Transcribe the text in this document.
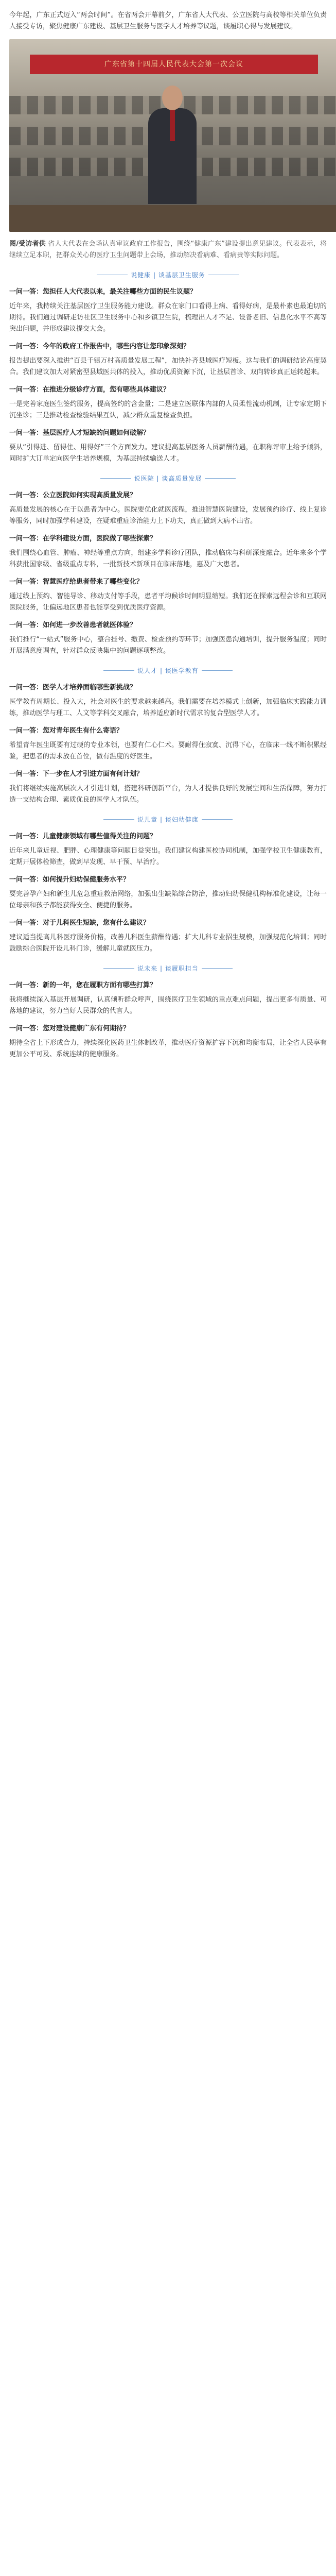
今年起，广东正式迈入“两会时间”。在省两会开幕前夕，广东省人大代表、公立医院与高校等相关单位负责人接受专访，聚焦健康广东建设、基层卫生服务与医学人才培养等议题，谈履职心得与发展建议。

广东省第十四届人民代表大会第一次会议

图/受访者供 省人大代表在会场认真审议政府工作报告，围绕“健康广东”建设提出意见建议。代表表示，将继续立足本职，把群众关心的医疗卫生问题带上会场，推动解决看病难、看病贵等实际问题。

说健康 | 谈基层卫生服务

一问一答：您担任人大代表以来，最关注哪些方面的民生议题？

近年来，我持续关注基层医疗卫生服务能力建设。群众在家门口看得上病、看得好病，是最朴素也最迫切的期待。我们通过调研走访社区卫生服务中心和乡镇卫生院，梳理出人才不足、设备老旧、信息化水平不高等突出问题，并形成建议提交大会。

一问一答：今年的政府工作报告中，哪些内容让您印象深刻？

报告提出要深入推进“百县千镇万村高质量发展工程”，加快补齐县域医疗短板。这与我们的调研结论高度契合。我们建议加大对紧密型县域医共体的投入，推动优质资源下沉，让基层首诊、双向转诊真正运转起来。

一问一答：在推进分级诊疗方面，您有哪些具体建议？

一是完善家庭医生签约服务，提高签约的含金量；二是建立医联体内部的人员柔性流动机制，让专家定期下沉坐诊；三是推动检查检验结果互认，减少群众重复检查负担。

一问一答：基层医疗人才短缺的问题如何破解？

要从“引得进、留得住、用得好”三个方面发力。建议提高基层医务人员薪酬待遇，在职称评审上给予倾斜，同时扩大订单定向医学生培养规模，为基层持续输送人才。

说医院 | 谈高质量发展

一问一答：公立医院如何实现高质量发展？

高质量发展的核心在于以患者为中心。医院要优化就医流程，推进智慧医院建设，发展预约诊疗、线上复诊等服务，同时加强学科建设，在疑难重症诊治能力上下功夫，真正做到大病不出省。

一问一答：在学科建设方面，医院做了哪些探索？

我们围绕心血管、肿瘤、神经等重点方向，组建多学科诊疗团队，推动临床与科研深度融合。近年来多个学科获批国家级、省级重点专科，一批新技术新项目在临床落地，惠及广大患者。

一问一答：智慧医疗给患者带来了哪些变化？

通过线上预约、智能导诊、移动支付等手段，患者平均候诊时间明显缩短。我们还在探索远程会诊和互联网医院服务，让偏远地区患者也能享受到优质医疗资源。

一问一答：如何进一步改善患者就医体验？

我们推行“一站式”服务中心，整合挂号、缴费、检查预约等环节；加强医患沟通培训，提升服务温度；同时开展满意度调查，针对群众反映集中的问题逐项整改。

说人才 | 谈医学教育

一问一答：医学人才培养面临哪些新挑战？

医学教育周期长、投入大，社会对医生的要求越来越高。我们需要在培养模式上创新，加强临床实践能力训练，推动医学与理工、人文等学科交叉融合，培养适应新时代需求的复合型医学人才。

一问一答：您对青年医生有什么寄语？

希望青年医生既要有过硬的专业本领，也要有仁心仁术。要耐得住寂寞、沉得下心，在临床一线不断积累经验，把患者的需求放在首位，做有温度的好医生。

一问一答：下一步在人才引进方面有何计划？

我们将继续实施高层次人才引进计划，搭建科研创新平台，为人才提供良好的发展空间和生活保障，努力打造一支结构合理、素质优良的医学人才队伍。

说儿童 | 谈妇幼健康

一问一答：儿童健康领域有哪些值得关注的问题？

近年来儿童近视、肥胖、心理健康等问题日益突出。我们建议构建医校协同机制，加强学校卫生健康教育，定期开展体检筛查，做到早发现、早干预、早治疗。

一问一答：如何提升妇幼保健服务水平？

要完善孕产妇和新生儿危急重症救治网络，加强出生缺陷综合防治，推动妇幼保健机构标准化建设，让每一位母亲和孩子都能获得安全、便捷的服务。

一问一答：对于儿科医生短缺，您有什么建议？

建议适当提高儿科医疗服务价格，改善儿科医生薪酬待遇；扩大儿科专业招生规模，加强规范化培训；同时鼓励综合医院开设儿科门诊，缓解儿童就医压力。

说未来 | 谈履职担当

一问一答：新的一年，您在履职方面有哪些打算？

我将继续深入基层开展调研，认真倾听群众呼声，围绕医疗卫生领域的重点难点问题，提出更多有质量、可落地的建议，努力当好人民群众的代言人。

一问一答：您对建设健康广东有何期待？

期待全省上下形成合力，持续深化医药卫生体制改革，推动医疗资源扩容下沉和均衡布局，让全省人民享有更加公平可及、系统连续的健康服务。
